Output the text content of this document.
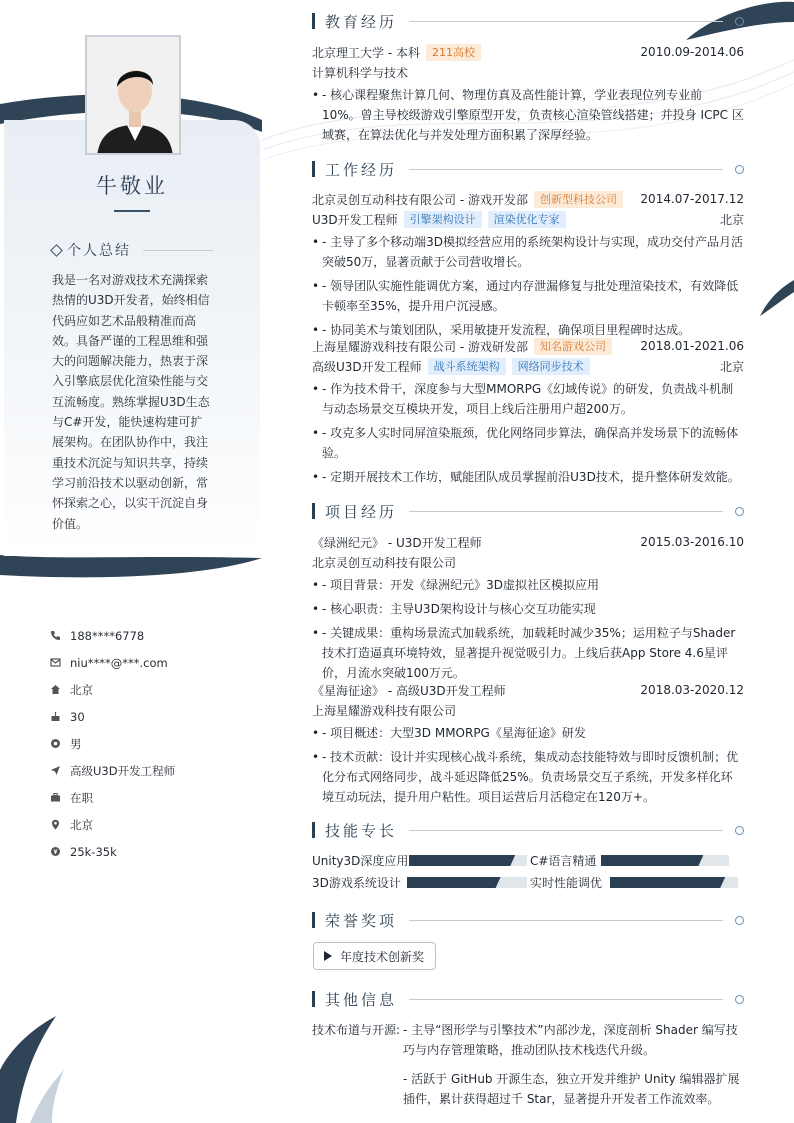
牛敬业
个人总结
我是一名对游戏技术充满探索热情的U3D开发者，始终相信代码应如艺术品般精准而高效。具备严谨的工程思维和强大的问题解决能力，热衷于深入引擎底层优化渲染性能与交互流畅度。熟练掌握U3D生态与C#开发，能快速构建可扩展架构。在团队协作中，我注重技术沉淀与知识共享，持续学习前沿技术以驱动创新，常怀探索之心，以实干沉淀自身价值。
188****6778
niu****@***.com
北京
30
男
高级U3D开发工程师
在职
北京
25k-35k
教育经历
北京理工大学 - 本科	211高校	2010.09-2014.06
计算机科学与技术
• - 核心课程聚焦计算几何、物理仿真及高性能计算，学业表现位列专业前 10%。曾主导校级游戏引擎原型开发，负责核心渲染管线搭建；并投身 ICPC 区域赛，在算法优化与并发处理方面积累了深厚经验。
工作经历
北京灵创互动科技有限公司 - 游戏开发部	创新型科技公司	2014.07-2017.12
U3D开发工程师	引擎架构设计	渲染优化专家	北京
• - 主导了多个移动端3D模拟经营应用的系统架构设计与实现，成功交付产品月活突破50万，显著贡献于公司营收增长。
• - 领导团队实施性能调优方案，通过内存泄漏修复与批处理渲染技术，有效降低卡顿率至35%，提升用户沉浸感。
• - 协同美术与策划团队，采用敏捷开发流程，确保项目里程碑时达成。
上海星耀游戏科技有限公司 - 游戏研发部	知名游戏公司	2018.01-2021.06
高级U3D开发工程师	战斗系统架构	网络同步技术	北京
• - 作为技术骨干，深度参与大型MMORPG《幻域传说》的研发，负责战斗机制与动态场景交互模块开发，项目上线后注册用户超200万。
• - 攻克多人实时同屏渲染瓶颈，优化网络同步算法，确保高并发场景下的流畅体验。
• - 定期开展技术工作坊，赋能团队成员掌握前沿U3D技术，提升整体研发效能。
项目经历
《绿洲纪元》 - U3D开发工程师	2015.03-2016.10
北京灵创互动科技有限公司
• - 项目背景：开发《绿洲纪元》3D虚拟社区模拟应用
• - 核心职责：主导U3D架构设计与核心交互功能实现
• - 关键成果：重构场景流式加载系统，加载耗时减少35%；运用粒子与Shader技术打造逼真环境特效，显著提升视觉吸引力。上线后获App Store 4.6星评价，月流水突破100万元。
《星海征途》 - 高级U3D开发工程师	2018.03-2020.12
上海星耀游戏科技有限公司
• - 项目概述：大型3D MMORPG《星海征途》研发
• - 技术贡献：设计并实现核心战斗系统，集成动态技能特效与即时反馈机制；优化分布式网络同步，战斗延迟降低25%。负责场景交互子系统，开发多样化环境互动玩法，提升用户粘性。项目运营后月活稳定在120万+。
技能专长
Unity3D深度应用	C#语言精通
3D游戏系统设计	实时性能调优
荣誉奖项
年度技术创新奖
其他信息
技术布道与开源: - 主导“图形学与引擎技术”内部沙龙，深度剖析 Shader 编写技巧与内存管理策略，推动团队技术栈迭代升级。
- 活跃于 GitHub 开源生态，独立开发并维护 Unity 编辑器扩展插件，累计获得超过千 Star，显著提升开发者工作流效率。
